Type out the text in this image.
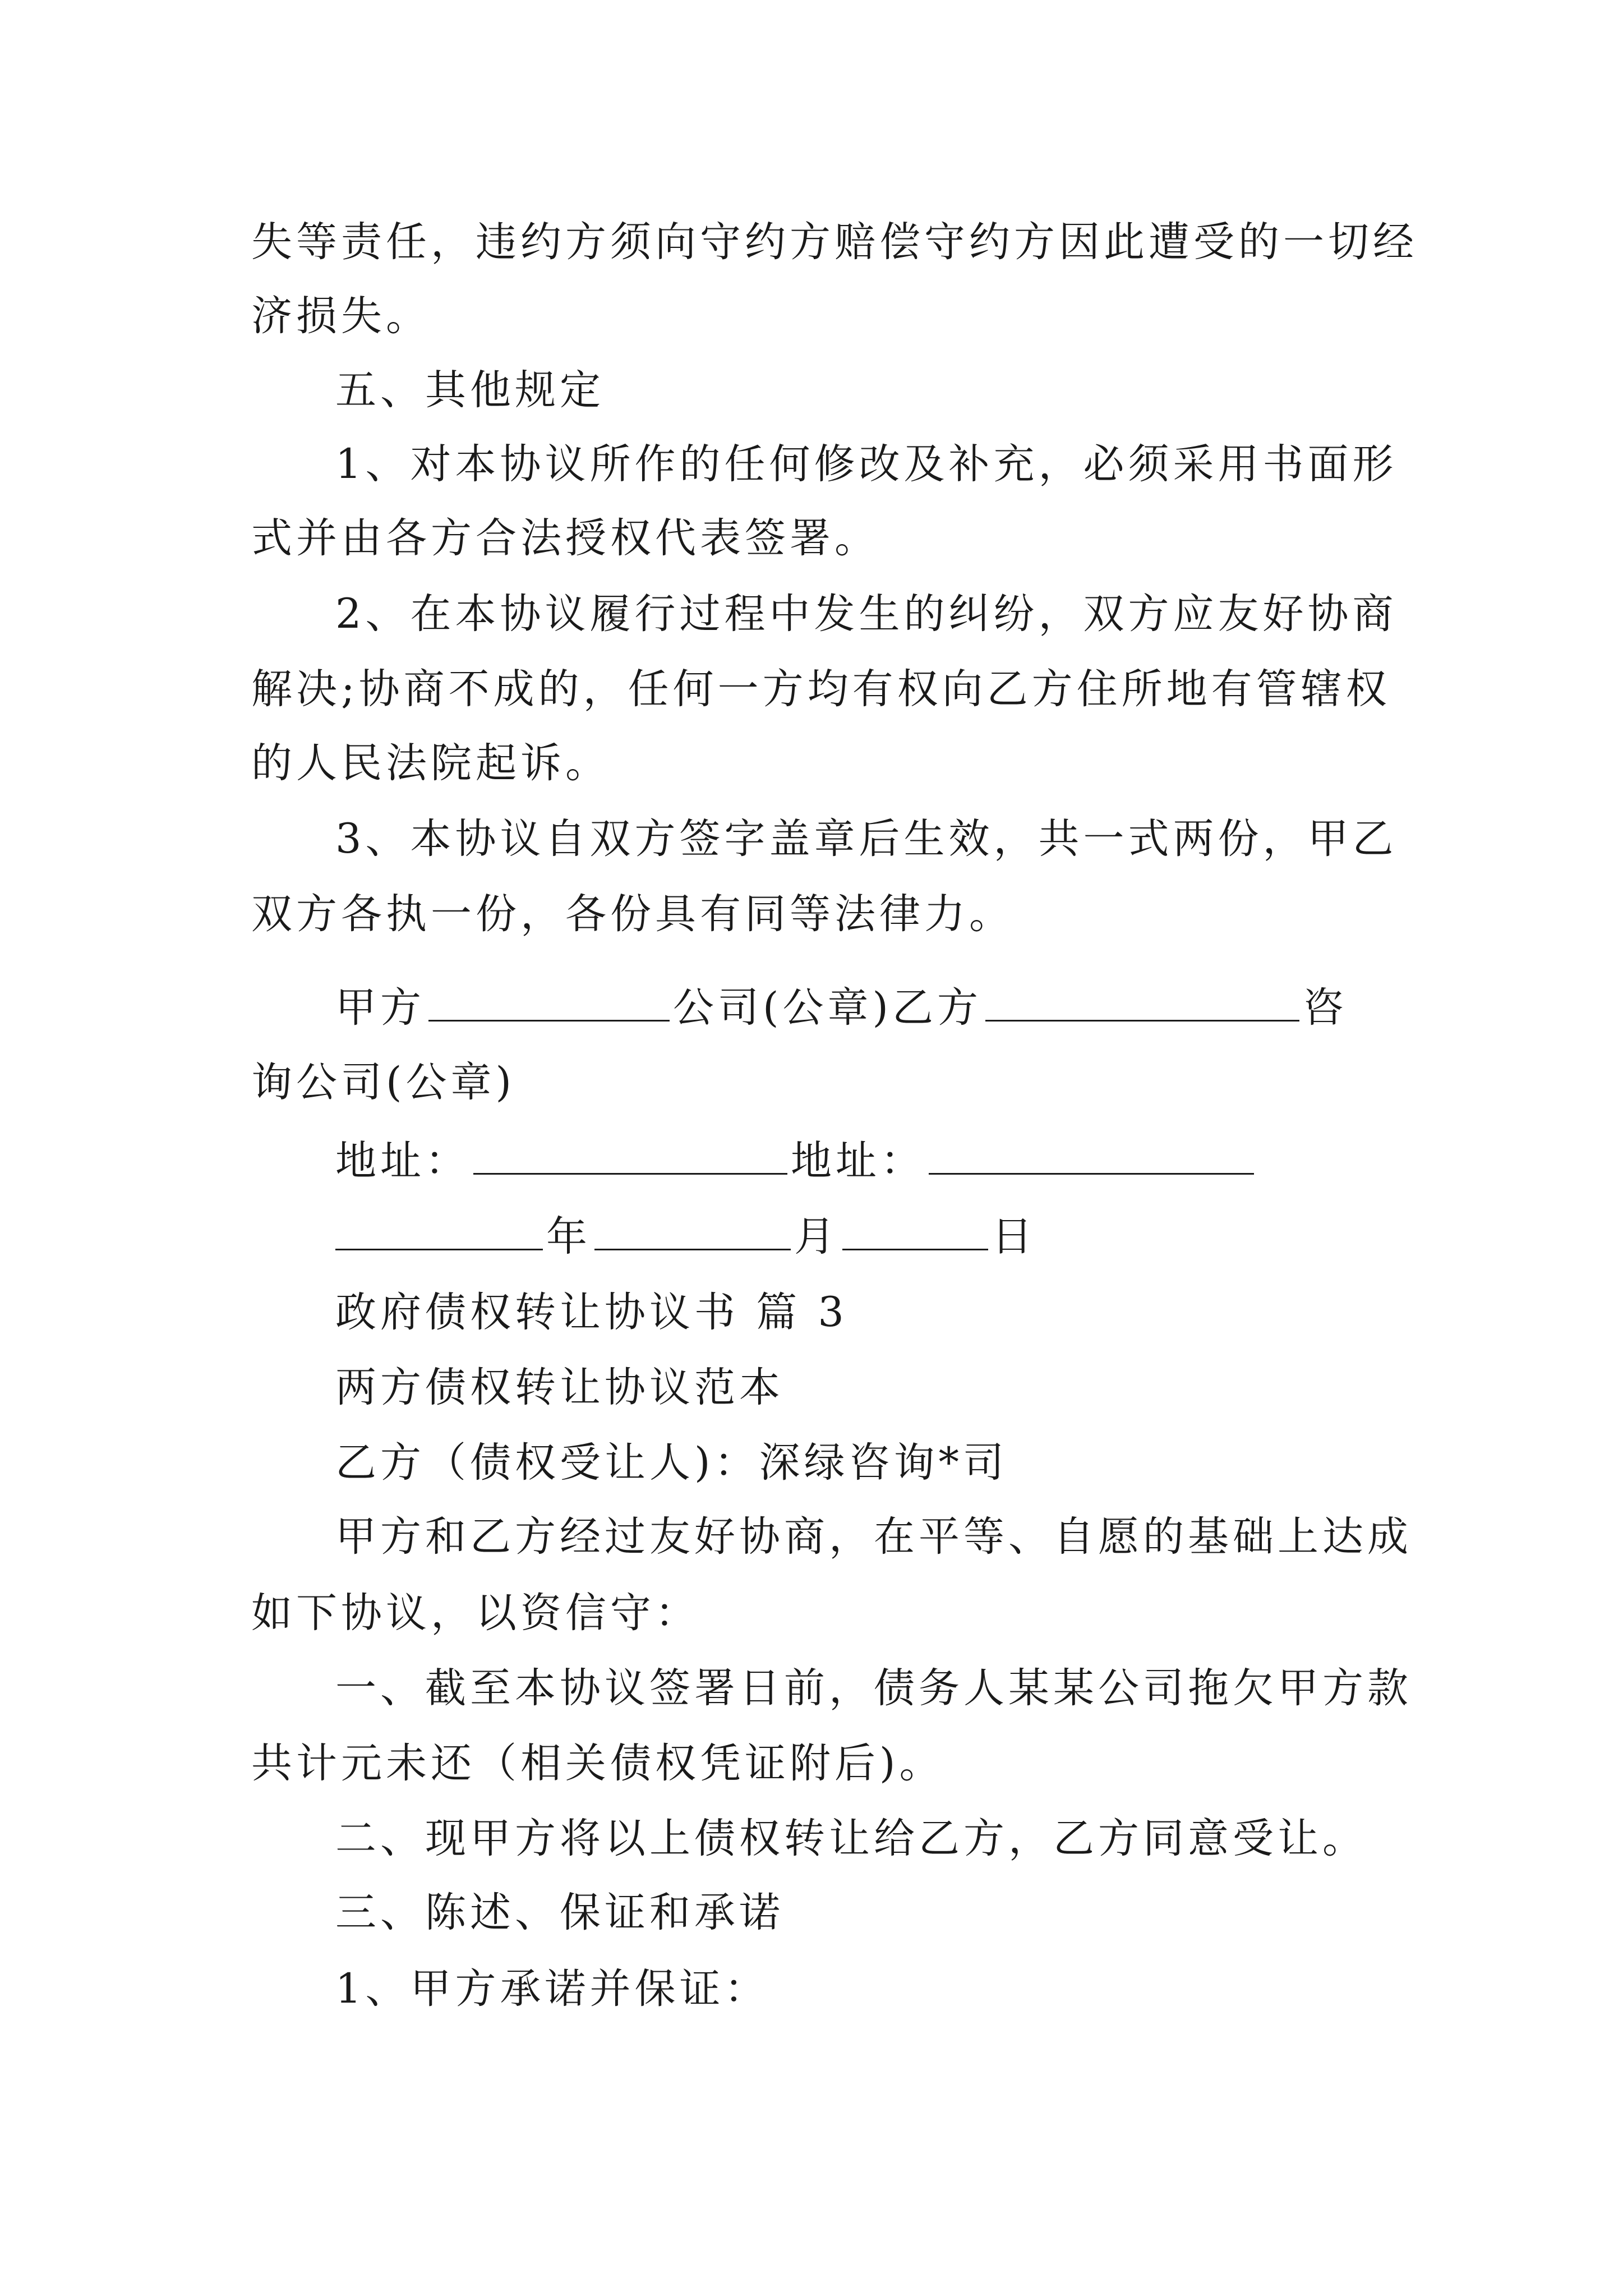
失等责任，违约方须向守约方赔偿守约方因此遭受的一切经
济损失。
五、其他规定
1、对本协议所作的任何修改及补充，必须采用书面形
式并由各方合法授权代表签署。
2、在本协议履行过程中发生的纠纷，双方应友好协商
解决;协商不成的，任何一方均有权向乙方住所地有管辖权
的人民法院起诉。
3、本协议自双方签字盖章后生效，共一式两份，甲乙
双方各执一份，各份具有同等法律力。
甲方	公司(公章)乙方	咨
询公司(公章)
地址：	地址：
年	月	日
政府债权转让协议书 篇 3
两方债权转让协议范本
乙方（债权受让人)：深绿咨询*司
甲方和乙方经过友好协商，在平等、自愿的基础上达成
如下协议，以资信守：
一、截至本协议签署日前，债务人某某公司拖欠甲方款
共计元未还（相关债权凭证附后)。
二、现甲方将以上债权转让给乙方，乙方同意受让。
三、陈述、保证和承诺
1、甲方承诺并保证：
